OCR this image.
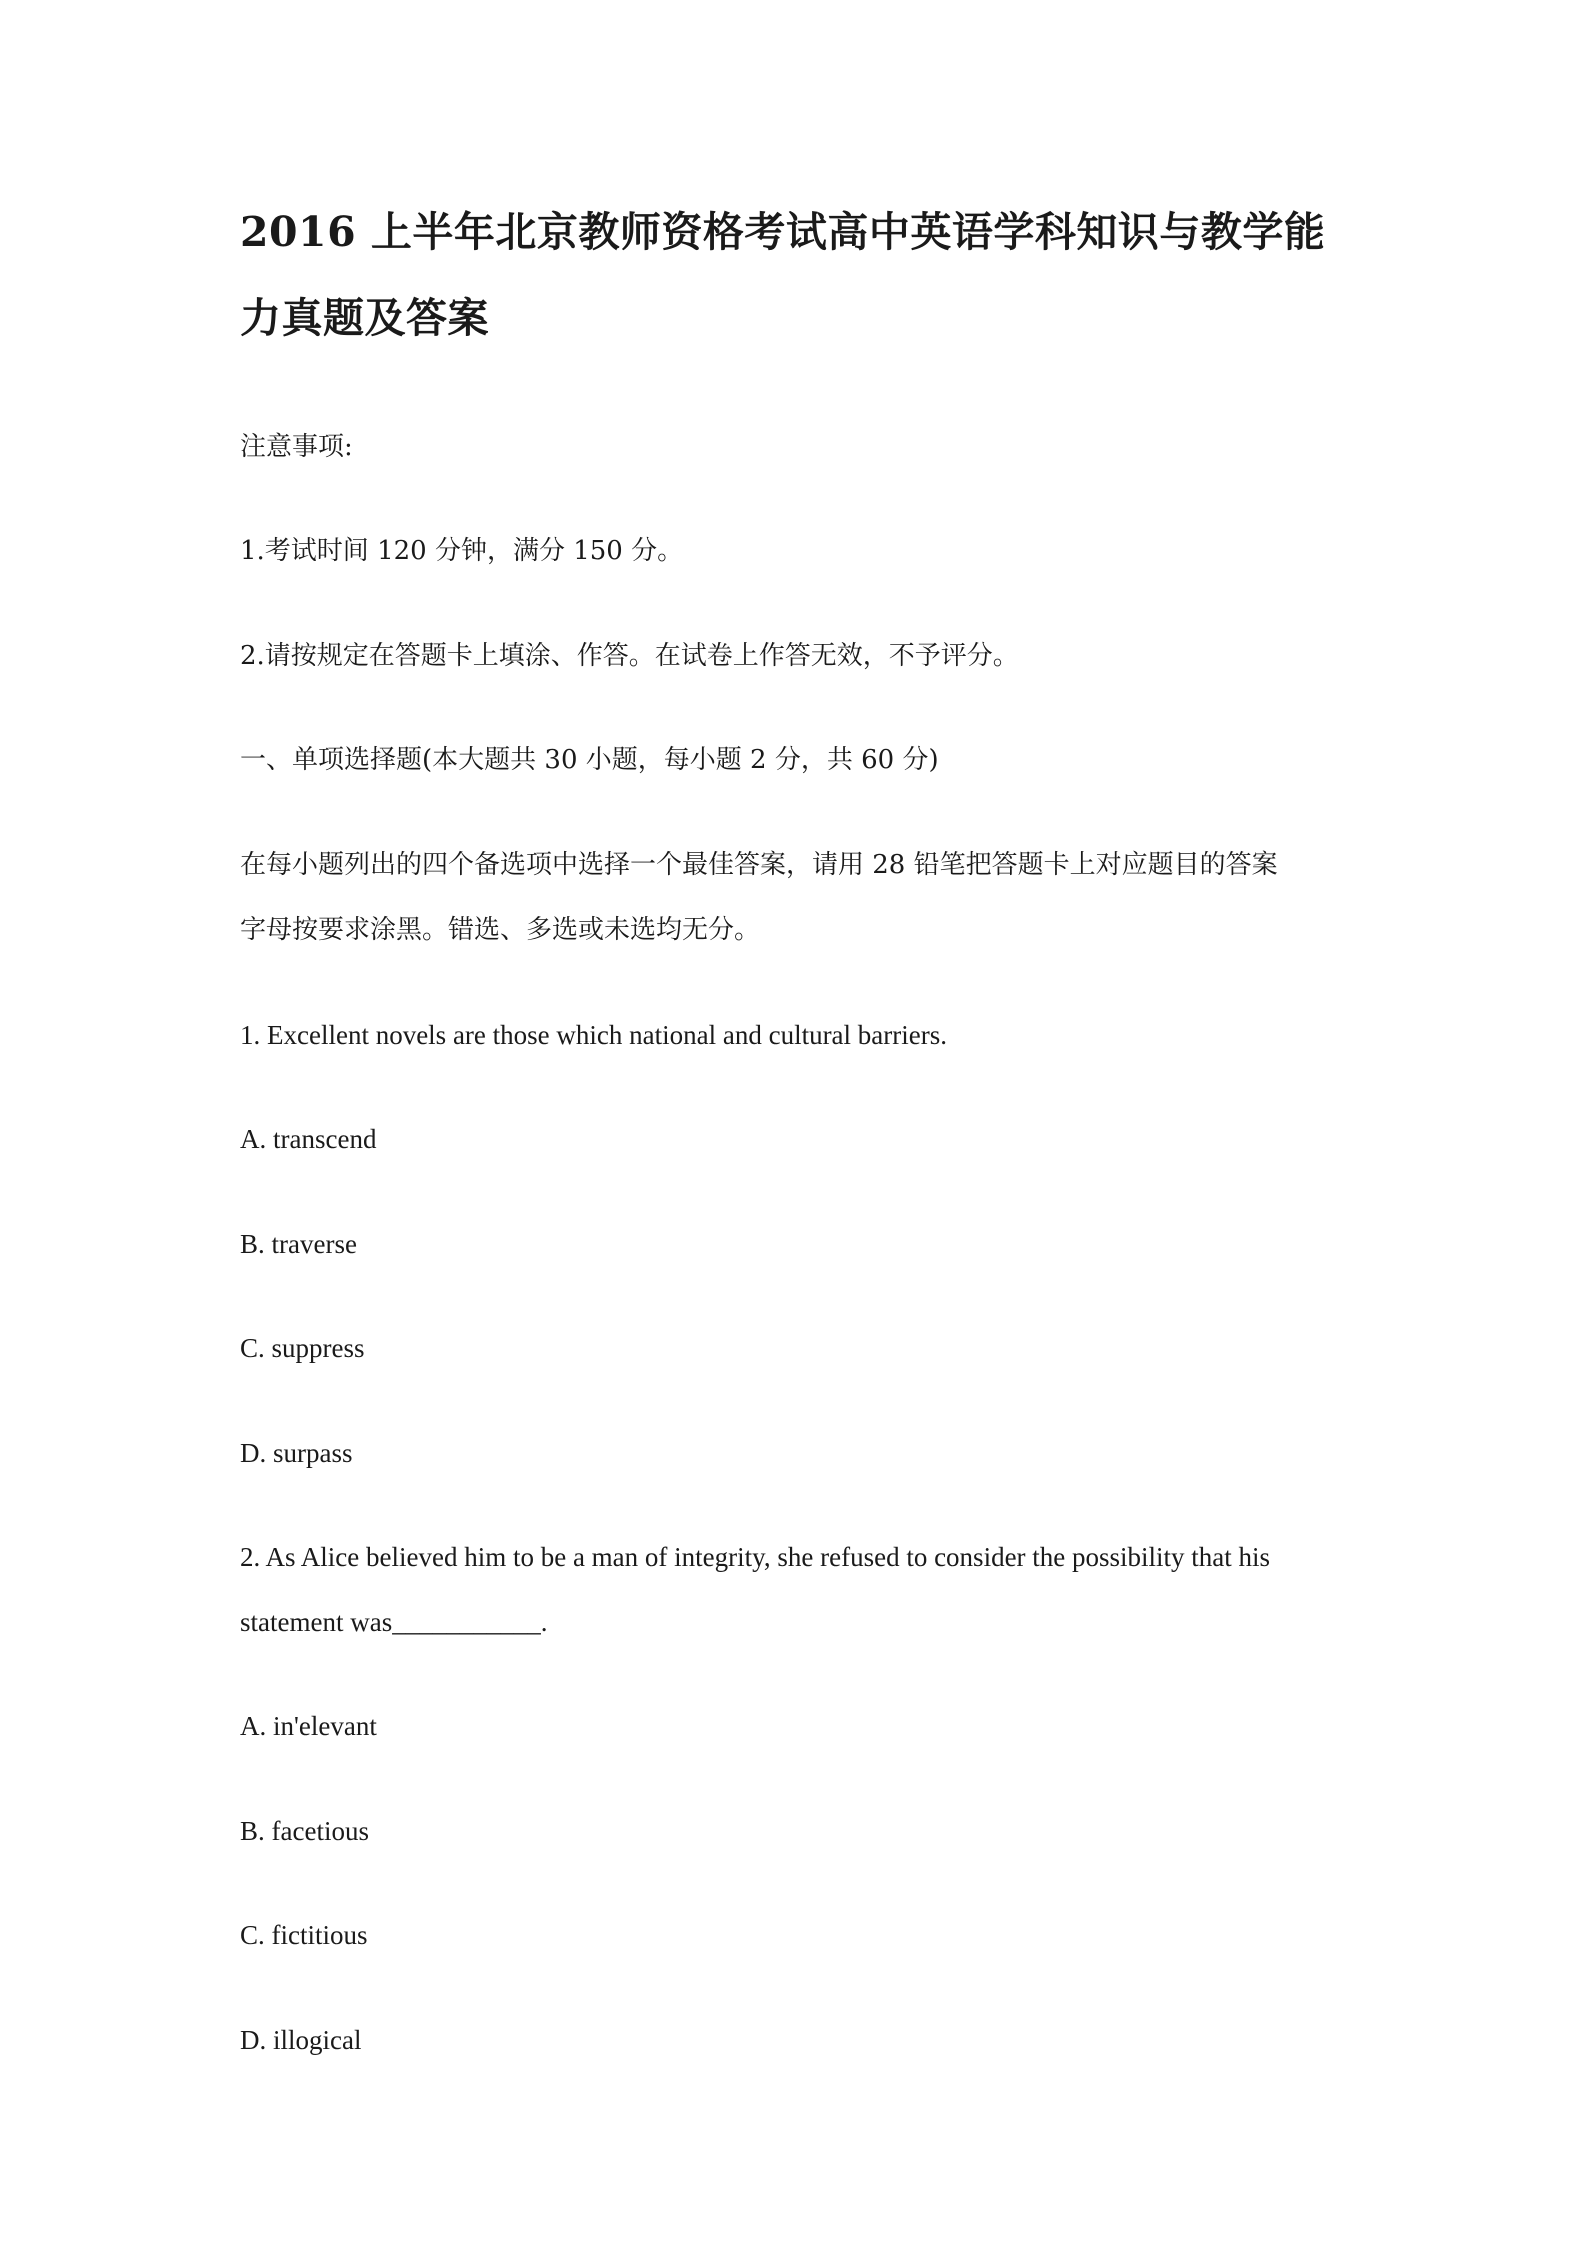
2016 上半年北京教师资格考试高中英语学科知识与教学能
力真题及答案

注意事项:

1.考试时间 120 分钟，满分 150 分。

2.请按规定在答题卡上填涂、作答。在试卷上作答无效，不予评分。

一、单项选择题(本大题共 30 小题，每小题 2 分，共 60 分)

在每小题列出的四个备选项中选择一个最佳答案，请用 28 铅笔把答题卡上对应题目的答案

字母按要求涂黑。错选、多选或未选均无分。

1. Excellent novels are those which national and cultural barriers.

A. transcend

B. traverse

C. suppress

D. surpass

2. As Alice believed him to be a man of integrity, she refused to consider the possibility that his

statement was___________.

A. in'elevant

B. facetious

C. fictitious

D. illogical
